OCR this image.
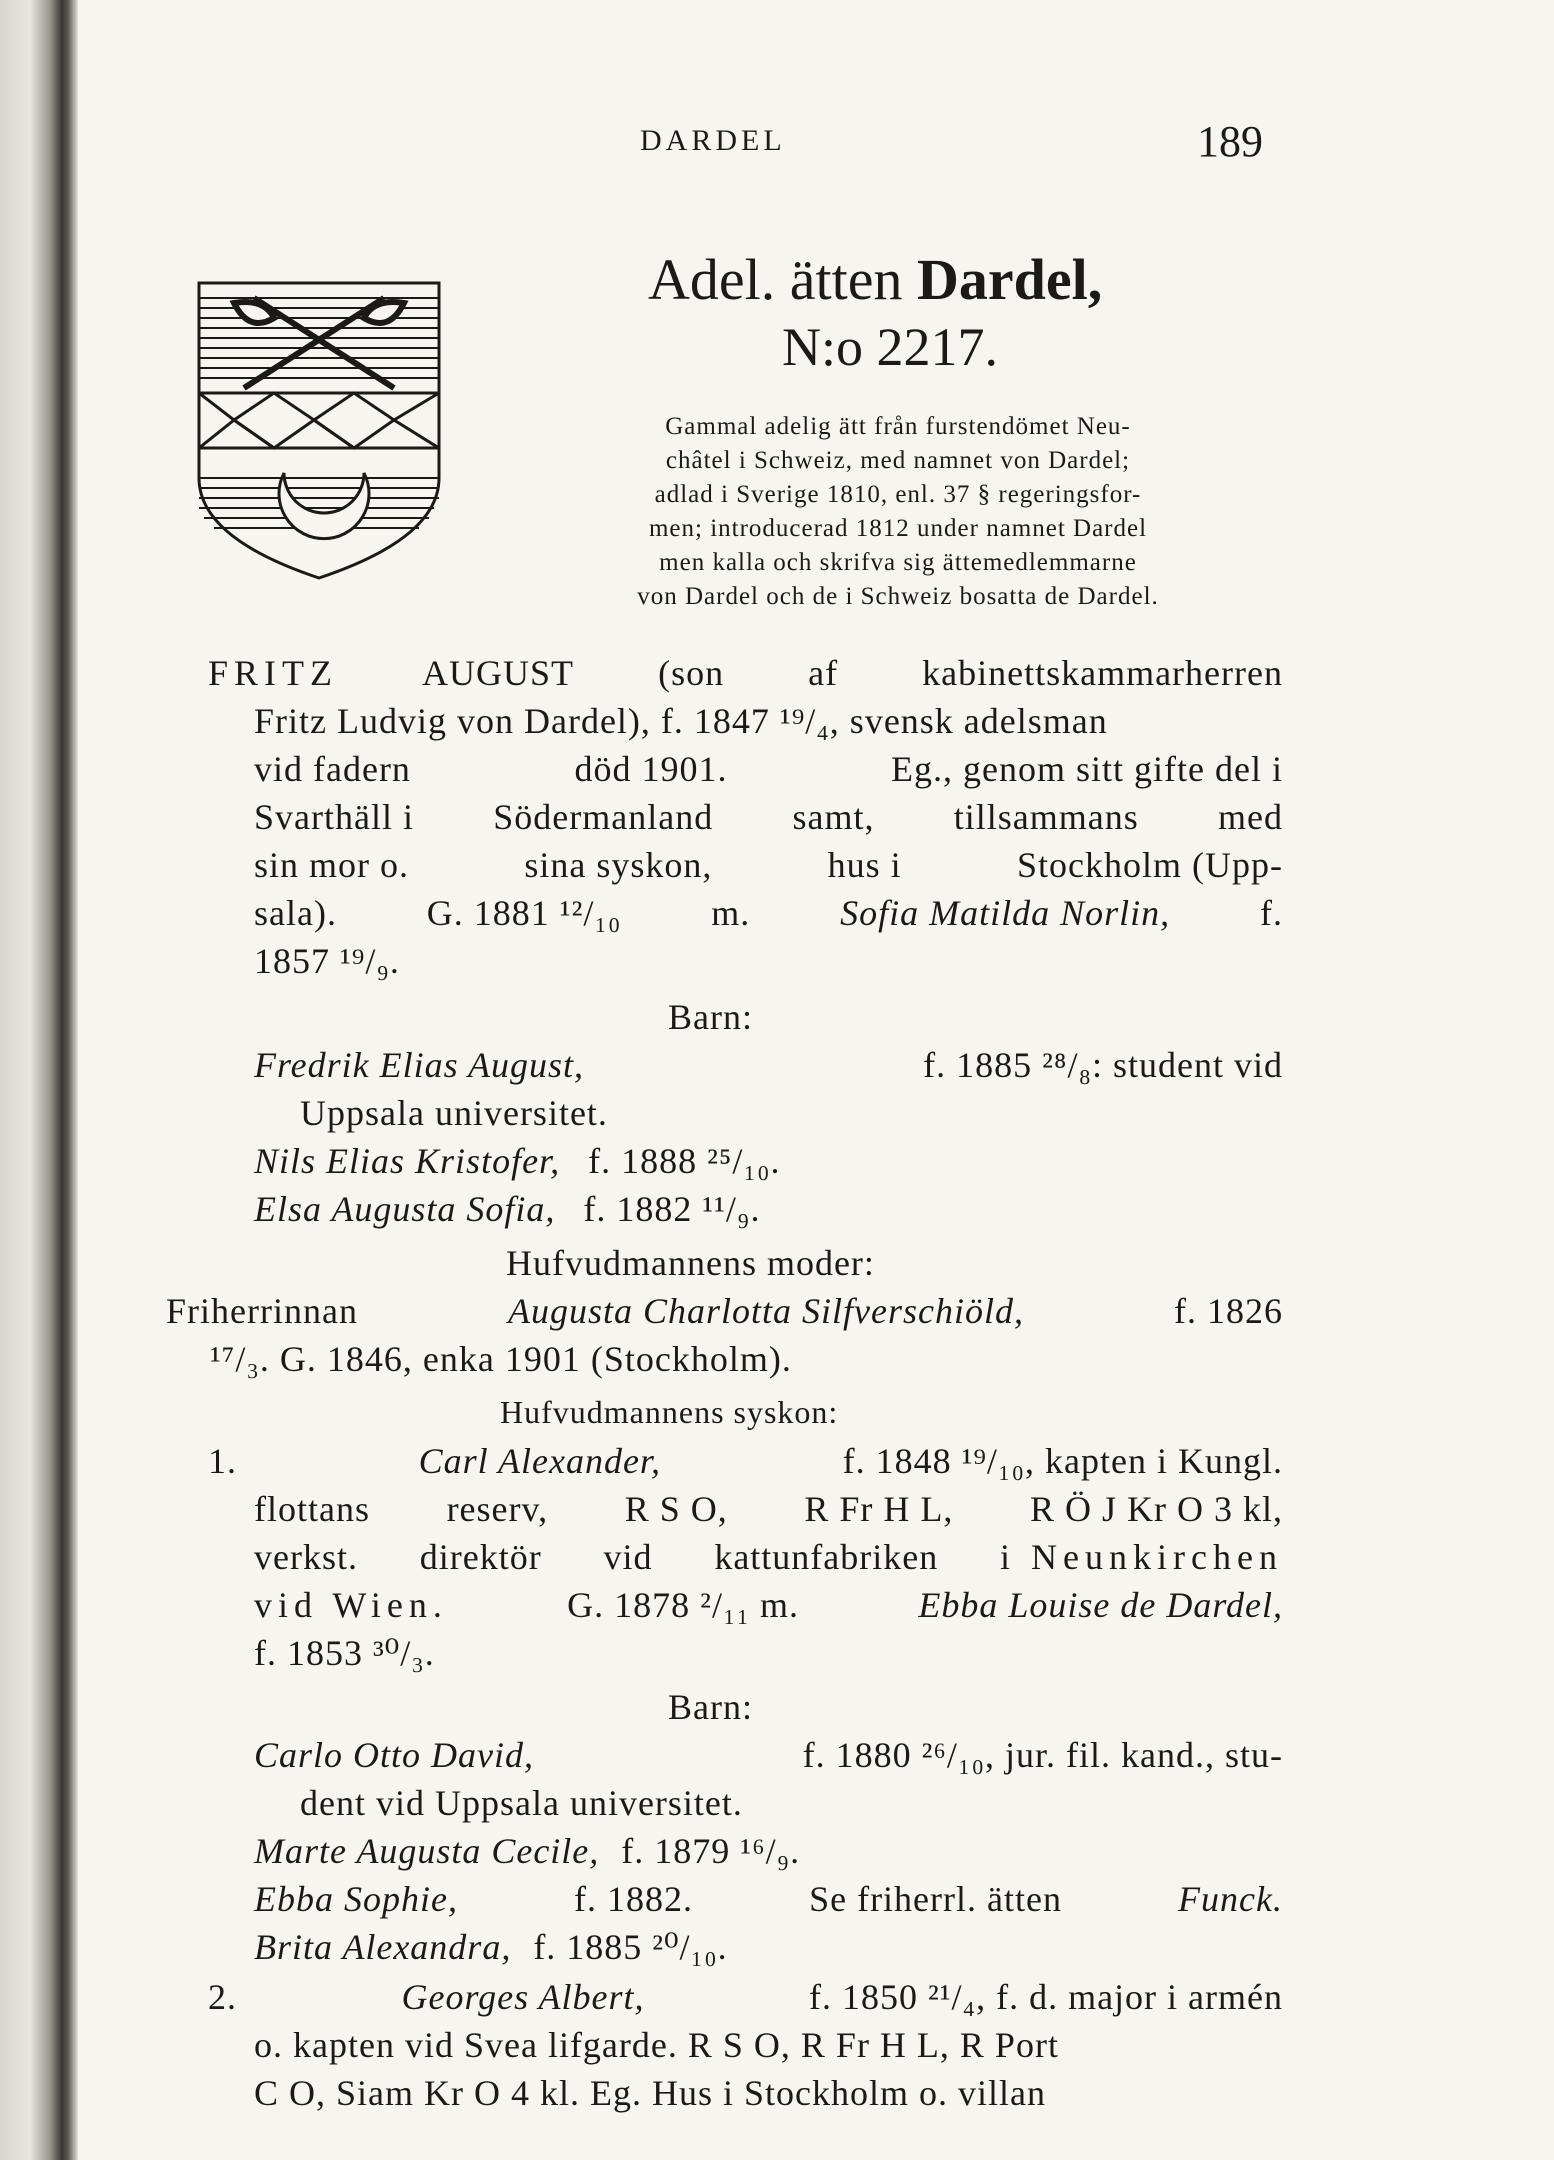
DARDEL	189
Adel. ätten Dardel,
N:o 2217.
Gammal adelig ätt från furstendömet Neu-
châtel i Schweiz, med namnet von Dardel;
adlad i Sverige 1810, enl. 37 § regeringsfor-
men; introducerad 1812 under namnet Dardel
men kalla och skrifva sig ättemedlemmarne
von Dardel och de i Schweiz bosatta de Dardel.
FRITZ AUGUST (son af kabinettskammarherren
Fritz Ludvig von Dardel), f. 1847 ¹⁹/₄, svensk adelsman
vid fadern	död 1901.	Eg., genom sitt gifte del i
Svarthäll i Södermanland samt, tillsammans med
sin mor o.	sina syskon,	hus i	Stockholm (Upp-
sala). G. 1881 ¹²/₁₀ m. Sofia Matilda Norlin, f.
1857 ¹⁹/₉.
Barn:
Fredrik Elias August,	f. 1885 ²⁸/₈: student vid
Uppsala universitet.
Nils Elias Kristofer, f. 1888 ²⁵/₁₀.
Elsa Augusta Sofia, f. 1882 ¹¹/₉.
Hufvudmannens moder:
Friherrinnan	Augusta Charlotta Silfverschiöld,	f. 1826
¹⁷/₃. G. 1846, enka 1901 (Stockholm).
Hufvudmannens syskon:
1.	Carl Alexander,	f. 1848 ¹⁹/₁₀, kapten i Kungl.
flottans reserv, R S O, R Fr H L, R Ö J Kr O 3 kl,
verkst. direktör vid kattunfabriken i Neunkirchen
vid Wien.	G. 1878 ²/₁₁ m.	Ebba Louise de Dardel,
f. 1853 ³⁰/₃.
Barn:
Carlo Otto David,	f. 1880 ²⁶/₁₀, jur. fil. kand., stu-
dent vid Uppsala universitet.
Marte Augusta Cecile, f. 1879 ¹⁶/₉.
Ebba Sophie,	f. 1882.	Se friherrl. ätten	Funck.
Brita Alexandra, f. 1885 ²⁰/₁₀.
2.	Georges Albert,	f. 1850 ²¹/₄, f. d. major i armén
o. kapten vid Svea lifgarde. R S O, R Fr H L, R Port
C O, Siam Kr O 4 kl. Eg. Hus i Stockholm o. villan
